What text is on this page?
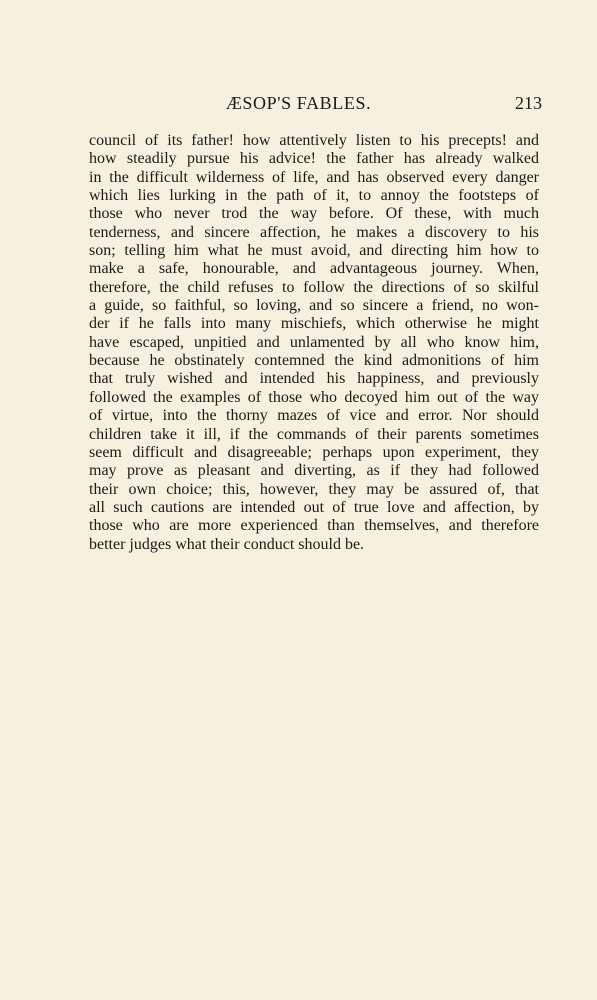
ÆSOP'S FABLES.	213
council of its father! how attentively listen to his precepts! and
how steadily pursue his advice! the father has already walked
in the difficult wilderness of life, and has observed every danger
which lies lurking in the path of it, to annoy the footsteps of
those who never trod the way before. Of these, with much
tenderness, and sincere affection, he makes a discovery to his
son; telling him what he must avoid, and directing him how to
make a safe, honourable, and advantageous journey. When,
therefore, the child refuses to follow the directions of so skilful
a guide, so faithful, so loving, and so sincere a friend, no won-
der if he falls into many mischiefs, which otherwise he might
have escaped, unpitied and unlamented by all who know him,
because he obstinately contemned the kind admonitions of him
that truly wished and intended his happiness, and previously
followed the examples of those who decoyed him out of the way
of virtue, into the thorny mazes of vice and error. Nor should
children take it ill, if the commands of their parents sometimes
seem difficult and disagreeable; perhaps upon experiment, they
may prove as pleasant and diverting, as if they had followed
their own choice; this, however, they may be assured of, that
all such cautions are intended out of true love and affection, by
those who are more experienced than themselves, and therefore
better judges what their conduct should be.
